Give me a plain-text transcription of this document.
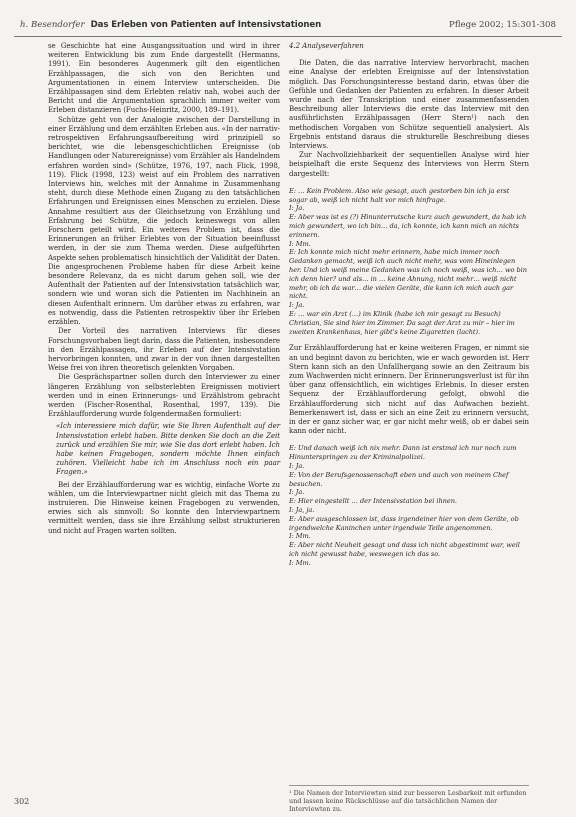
h. Besendorfer Das Erleben von Patienten auf Intensivstationen	Pflege 2002; 15:301-308

se Geschichte hat eine Ausgangssituation und wird in ihrer weiteren Entwicklung bis zum Ende dargestellt (Hermanns, 1991). Ein besonderes Augenmerk gilt den eigentlichen Erzählpassagen, die sich von den Berichten und Argumentationen in einem Interview unterscheiden. Die Erzählpassagen sind dem Erlebten relativ nah, wobei auch der Bericht und die Argumentation sprachlich immer weiter vom Erleben distanzieren (Fuchs-Heinritz, 2000, 189–191).

Schütze geht von der Analogie zwischen der Darstellung in einer Erzählung und dem erzählten Erleben aus. «In der narrativ-retrospektiven Erfahrungsaufbereitung wird prinzipiell so berichtet, wie die lebensgeschichtlichen Ereignisse (ob Handlungen oder Naturereignisse) vom Erzähler als Handelndem erfahren worden sind» (Schütze, 1976, 197, nach Flick, 1998, 119). Flick (1998, 123) weist auf ein Problem des narrativen Interviews hin, welches mit der Annahme in Zusammenhang steht, durch diese Methode einen Zugang zu den tatsächlichen Erfahrungen und Ereignissen eines Menschen zu erzielen. Diese Annahme resultiert aus der Gleichsetzung von Erzählung und Erfahrung bei Schütze, die jedoch keineswegs von allen Forschern geteilt wird. Ein weiteres Problem ist, dass die Erinnerungen an früher Erlebtes von der Situation beeinflusst werden, in der sie zum Thema werden. Diese aufgeführten Aspekte sehen problematisch hinsichtlich der Validität der Daten. Die angesprochenen Probleme haben für diese Arbeit keine besondere Relevanz, da es nicht darum gehen soll, wie der Aufenthalt der Patienten auf der Intensivstation tatsächlich war, sondern wie und woran sich die Patienten im Nachhinein an diesen Aufenthalt erinnern. Um darüber etwas zu erfahren, war es notwendig, dass die Patienten retrospektiv über ihr Erleben erzählen.

Der Vorteil des narrativen Interviews für dieses Forschungsvorhaben liegt darin, dass die Patienten, insbesondere in den Erzählpassagen, ihr Erleben auf der Intensivstation hervorbringen konnten, und zwar in der von ihnen dargestellten Weise frei von ihren theoretisch gelenkten Vorgaben.

Die Gesprächspartner sollen durch den Interviewer zu einer längeren Erzählung von selbsterlebten Ereignissen motiviert werden und in einen Erinnerungs- und Erzählstrom gebracht werden (Fischer-Rosenthal, Rosenthal, 1997, 139). Die Erzählaufforderung wurde folgendermaßen formuliert:

«Ich interessiere mich dafür, wie Sie Ihren Aufenthalt auf der Intensivstation erlebt haben. Bitte denken Sie doch an die Zeit zurück und erzählen Sie mir, wie Sie das dort erlebt haben. Ich habe keinen Fragebogen, sondern möchte Ihnen einfach zuhören. Vielleicht habe ich im Anschluss noch ein paar Fragen.»

Bei der Erzählaufforderung war es wichtig, einfache Worte zu wählen, um die Interviewpartner nicht gleich mit das Thema zu instruieren. Die Hinweise keinen Fragebogen zu verwenden, erwies sich als sinnvoll: So konnte den Interviewpartnern vermittelt werden, dass sie ihre Erzählung selbst strukturieren und nicht auf Fragen warten sollten.

4.2 Analyseverfahren

Die Daten, die das narrative Interview hervorbracht, machen eine Analyse der erlebten Ereignisse auf der Intensivstation möglich. Das Forschungsinteresse bestand darin, etwas über die Gefühle und Gedanken der Patienten zu erfahren. In dieser Arbeit wurde nach der Transkription und einer zusammenfassenden Beschreibung aller Interviews die erste das Interview mit den ausführlichsten Erzählpassagen (Herr Stern¹) nach den methodischen Vorgaben von Schütze sequentiell analysiert. Als Ergebnis entstand daraus die strukturelle Beschreibung dieses Interviews.

Zur Nachvollziehbarkeit der sequentiellen Analyse wird hier beispielhaft die erste Sequenz des Interviews von Herrn Stern dargestellt:

E: … Kein Problem. Also wie gesagt, auch gestorben bin ich ja erst sogar ab, weiß ich nicht halt vor mich hinfrage.
I: Ja.
E: Aber was ist es (?) Hinunterrutsche kurz auch gewundert, da hab ich mich gewundert, wo ich bin… da, ich konnte, ich kann mich an nichts erinnern.
I: Mm.
E: Ich konnte mich nicht mehr erinnern, habe mich immer noch Gedanken gemacht, weiß ich auch nicht mehr, was vom Hineinlegen her. Und ich weiß meine Gedanken was ich noch weiß, was ich… wo bin ich denn hier? und als… in … keine Ahnung, nicht mehr… weiß nicht mehr, ob ich da war… die vielen Geräte, die kann ich mich auch gar nicht.
I: Ja.
E: … war ein Arzt (…) im Klinik (habe ich mir gesagt zu Besuch) Christian, Sie sind hier im Zimmer. Da sagt der Arzt zu mir – hier im zweiten Krankenhaus, hier gibt's keine Zigaretten (lacht).

Zur Erzählaufforderung hat er keine weiteren Fragen, er nimmt sie an und beginnt davon zu berichten, wie er wach geworden ist. Herr Stern kann sich an den Unfallhergang sowie an den Zeitraum bis zum Wachwerden nicht erinnern. Der Erinnerungsverlust ist für ihn über ganz offensichtlich, ein wichtiges Erlebnis. In dieser ersten Sequenz der Erzählaufforderung gefolgt, obwohl die Erzählaufforderung sich nicht auf das Aufwachen bezieht. Bemerkenswert ist, dass er sich an eine Zeit zu erinnern versucht, in der er ganz sicher war, er gar nicht mehr weiß, ob er dabei sein kann oder nicht.

E: Und danach weiß ich nix mehr. Dann ist erstmal ich nur noch zum Hinunterspringen zu der Kriminalpolizei.
I: Ja.
E: Von der Berufsgenossenschaft eben und auch von meinem Chef besuchen.
I: Ja.
E: Hier eingestellt … der Intensivstation bei ihnen.
I: Ja, ja.
E: Aber ausgeschlossen ist, dass irgendeiner hier von dem Geräte, ob irgendwelche Kaninchen unter irgendwie Teile angenommen.
I: Mm.
E: Aber nicht Neuheit gesagt und dass ich nicht abgestimmt war, weil ich nicht gewusst habe, weswegen ich das so.
I: Mm.
¹ Die Namen der Interviewten sind zur besseren Lesbarkeit mit erfunden und lassen keine Rückschlüsse auf die tatsächlichen Namen der Interviewten zu.
302
